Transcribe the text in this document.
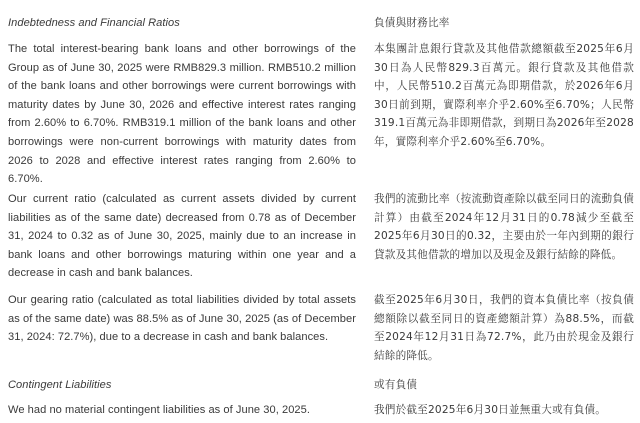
Indebtedness and Financial Ratios

The total interest-bearing bank loans and other borrowings of the Group as of June 30, 2025 were RMB829.3 million. RMB510.2 million of the bank loans and other borrowings were current borrowings with maturity dates by June 30, 2026 and effective interest rates ranging from 2.60% to 6.70%. RMB319.1 million of the bank loans and other borrowings were non-current borrowings with maturity dates from 2026 to 2028 and effective interest rates ranging from 2.60% to 6.70%.

Our current ratio (calculated as current assets divided by current liabilities as of the same date) decreased from 0.78 as of December 31, 2024 to 0.32 as of June 30, 2025, mainly due to an increase in bank loans and other borrowings maturing within one year and a decrease in cash and bank balances.

Our gearing ratio (calculated as total liabilities divided by total assets as of the same date) was 88.5% as of June 30, 2025 (as of December 31, 2024: 72.7%), due to a decrease in cash and bank balances.

Contingent Liabilities

We had no material contingent liabilities as of June 30, 2025.

負債與財務比率

本集團計息銀行貸款及其他借款總額截至2025年6月30日為人民幣829.3百萬元。銀行貸款及其他借款中，人民幣510.2百萬元為即期借款，於2026年6月30日前到期，實際利率介乎2.60%至6.70%；人民幣319.1百萬元為非即期借款，到期日為2026年至2028年，實際利率介乎2.60%至6.70%。

我們的流動比率（按流動資產除以截至同日的流動負債計算）由截至2024年12月31日的0.78減少至截至2025年6月30日的0.32，主要由於一年內到期的銀行貸款及其他借款的增加以及現金及銀行結餘的降低。

截至2025年6月30日，我們的資本負債比率（按負債總額除以截至同日的資產總額計算）為88.5%，而截至2024年12月31日為72.7%，此乃由於現金及銀行結餘的降低。

或有負債

我們於截至2025年6月30日並無重大或有負債。
